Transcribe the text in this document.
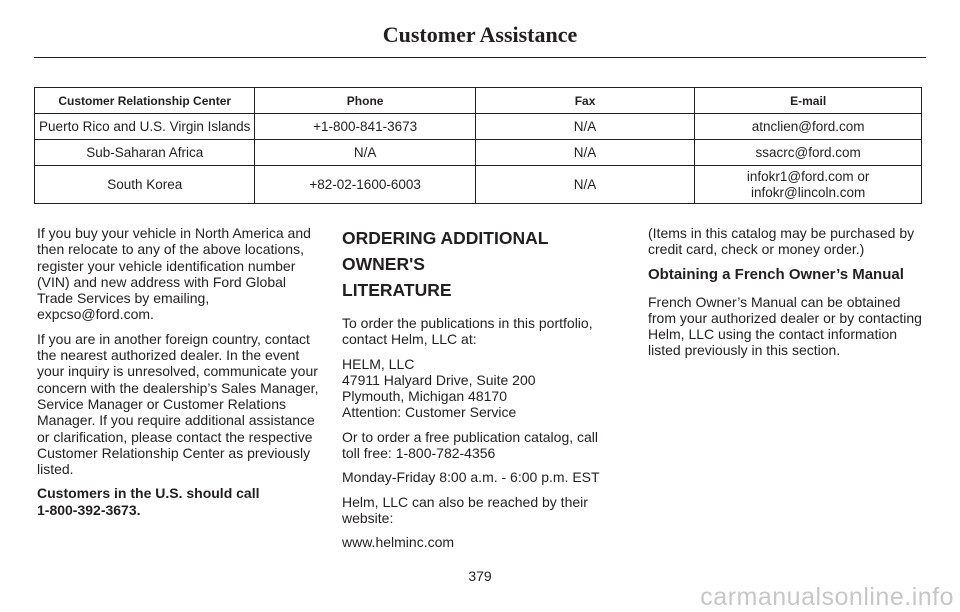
Customer Assistance
Customer Relationship Center	Phone	Fax	E-mail
Puerto Rico and U.S. Virgin Islands	+1-800-841-3673	N/A	atnclien@ford.com
Sub-Saharan Africa	N/A	N/A	ssacrc@ford.com
South Korea	+82-02-1600-6003	N/A	infokr1@ford.com or
infokr@lincoln.com

If you buy your vehicle in North America and
then relocate to any of the above locations,
register your vehicle identification number
(VIN) and new address with Ford Global
Trade Services by emailing,
expcso@ford.com.

If you are in another foreign country, contact
the nearest authorized dealer. In the event
your inquiry is unresolved, communicate your
concern with the dealership’s Sales Manager,
Service Manager or Customer Relations
Manager. If you require additional assistance
or clarification, please contact the respective
Customer Relationship Center as previously
listed.

Customers in the U.S. should call
1-800-392-3673.

ORDERING ADDITIONAL OWNER'S
LITERATURE

To order the publications in this portfolio,
contact Helm, LLC at:

HELM, LLC
47911 Halyard Drive, Suite 200
Plymouth, Michigan 48170
Attention: Customer Service

Or to order a free publication catalog, call
toll free: 1-800-782-4356

Monday-Friday 8:00 a.m. - 6:00 p.m. EST

Helm, LLC can also be reached by their
website:

www.helminc.com

(Items in this catalog may be purchased by
credit card, check or money order.)

Obtaining a French Owner’s Manual

French Owner’s Manual can be obtained
from your authorized dealer or by contacting
Helm, LLC using the contact information
listed previously in this section.

379
carmanualsonline.info
